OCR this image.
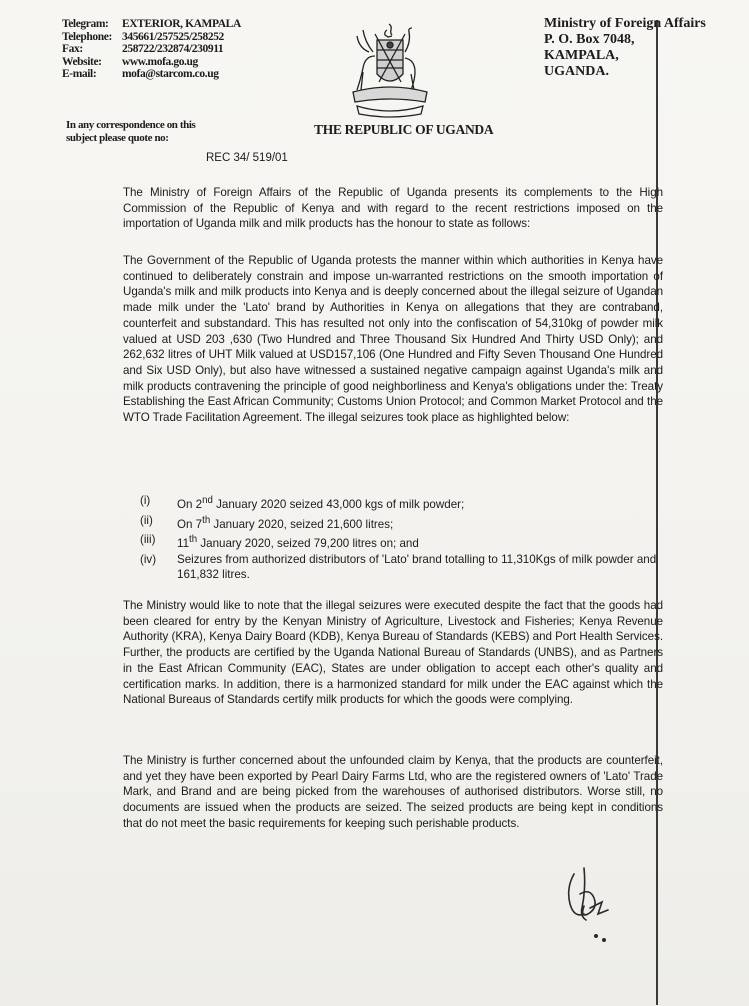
Telegram:	EXTERIOR, KAMPALA
Telephone: 345661/257525/258252
Fax:	258722/232874/230911
Website:	www.mofa.go.ug
E-mail:	mofa@starcom.co.ug
Ministry of Foreign Affairs
P. O. Box 7048,
KAMPALA,
UGANDA.
In any correspondence on this subject please quote no:
THE REPUBLIC OF UGANDA
REC 34/ 519/01
The Ministry of Foreign Affairs of the Republic of Uganda presents its complements to the High Commission of the Republic of Kenya and with regard to the recent restrictions imposed on the importation of Uganda milk and milk products has the honour to state as follows:
The Government of the Republic of Uganda protests the manner within which authorities in Kenya have continued to deliberately constrain and impose un-warranted restrictions on the smooth importation of Uganda's milk and milk products into Kenya and is deeply concerned about the illegal seizure of Ugandan made milk under the 'Lato' brand by Authorities in Kenya on allegations that they are contraband, counterfeit and substandard. This has resulted not only into the confiscation of 54,310kg of powder milk valued at USD 203 ,630 (Two Hundred and Three Thousand Six Hundred And Thirty USD Only); and 262,632 litres of UHT Milk valued at USD157,106 (One Hundred and Fifty Seven Thousand One Hundred and Six USD Only), but also have witnessed a sustained negative campaign against Uganda's milk and milk products contravening the principle of good neighborliness and Kenya's obligations under the: Treaty Establishing the East African Community; Customs Union Protocol; and Common Market Protocol and the WTO Trade Facilitation Agreement. The illegal seizures took place as highlighted below:
(i)	On 2nd January 2020 seized 43,000 kgs of milk powder;
(ii)	On 7th January 2020, seized 21,600 litres;
(iii)	11th January 2020, seized 79,200 litres on; and
(iv)	Seizures from authorized distributors of 'Lato' brand totalling to 11,310Kgs of milk powder and 161,832 litres.
The Ministry would like to note that the illegal seizures were executed despite the fact that the goods had been cleared for entry by the Kenyan Ministry of Agriculture, Livestock and Fisheries; Kenya Revenue Authority (KRA), Kenya Dairy Board (KDB), Kenya Bureau of Standards (KEBS) and Port Health Services. Further, the products are certified by the Uganda National Bureau of Standards (UNBS), and as Partners in the East African Community (EAC), States are under obligation to accept each other's quality and certification marks. In addition, there is a harmonized standard for milk under the EAC against which the National Bureaus of Standards certify milk products for which the goods were complying.
The Ministry is further concerned about the unfounded claim by Kenya, that the products are counterfeit, and yet they have been exported by Pearl Dairy Farms Ltd, who are the registered owners of 'Lato' Trade Mark, and Brand and are being picked from the warehouses of authorised distributors. Worse still, no documents are issued when the products are seized. The seized products are being kept in conditions that do not meet the basic requirements for keeping such perishable products.
